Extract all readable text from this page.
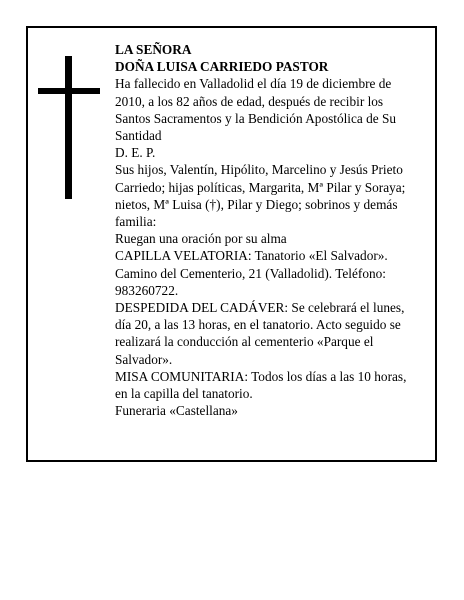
LA SEÑORA
DOÑA LUISA CARRIEDO PASTOR
Ha fallecido en Valladolid el día 19 de diciembre de
2010, a los 82 años de edad, después de recibir los
Santos Sacramentos y la Bendición Apostólica de Su
Santidad
D. E. P.
Sus hijos, Valentín, Hipólito, Marcelino y Jesús Prieto
Carriedo; hijas políticas, Margarita, Mª Pilar y Soraya;
nietos, Mª Luisa (†), Pilar y Diego; sobrinos y demás
familia:
Ruegan una oración por su alma
CAPILLA VELATORIA: Tanatorio «El Salvador».
Camino del Cementerio, 21 (Valladolid). Teléfono:
983260722.
DESPEDIDA DEL CADÁVER: Se celebrará el lunes,
día 20, a las 13 horas, en el tanatorio. Acto seguido se
realizará la conducción al cementerio «Parque el
Salvador».
MISA COMUNITARIA: Todos los días a las 10 horas,
en la capilla del tanatorio.
Funeraria «Castellana»
